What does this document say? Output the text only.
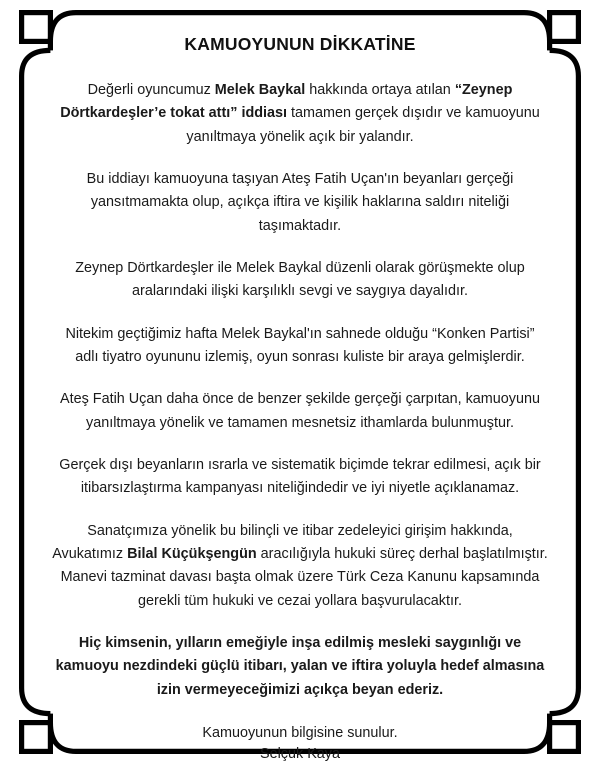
KAMUOYUNUN DİKKATİNE

Değerli oyuncumuz Melek Baykal hakkında ortaya atılan “Zeynep Dörtkardeşler’e tokat attı” iddiası tamamen gerçek dışıdır ve kamuoyunu yanıltmaya yönelik açık bir yalandır.

Bu iddiayı kamuoyuna taşıyan Ateş Fatih Uçan'ın beyanları gerçeği yansıtmamakta olup, açıkça iftira ve kişilik haklarına saldırı niteliği taşımaktadır.

Zeynep Dörtkardeşler ile Melek Baykal düzenli olarak görüşmekte olup aralarındaki ilişki karşılıklı sevgi ve saygıya dayalıdır.

Nitekim geçtiğimiz hafta Melek Baykal'ın sahnede olduğu “Konken Partisi” adlı tiyatro oyununu izlemiş, oyun sonrası kuliste bir araya gelmişlerdir.

Ateş Fatih Uçan daha önce de benzer şekilde gerçeği çarpıtan, kamuoyunu yanıltmaya yönelik ve tamamen mesnetsiz ithamlarda bulunmuştur.

Gerçek dışı beyanların ısrarla ve sistematik biçimde tekrar edilmesi, açık bir itibarsızlaştırma kampanyası niteliğindedir ve iyi niyetle açıklanamaz.

Sanatçımıza yönelik bu bilinçli ve itibar zedeleyici girişim hakkında, Avukatımız Bilal Küçükşengün aracılığıyla hukuki süreç derhal başlatılmıştır. Manevi tazminat davası başta olmak üzere Türk Ceza Kanunu kapsamında gerekli tüm hukuki ve cezai yollara başvurulacaktır.

Hiç kimsenin, yılların emeğiyle inşa edilmiş mesleki saygınlığı ve kamuoyu nezdindeki güçlü itibarı, yalan ve iftira yoluyla hedef almasına izin vermeyeceğimizi açıkça beyan ederiz.

Kamuoyunun bilgisine sunulur.

Selçuk Kaya
